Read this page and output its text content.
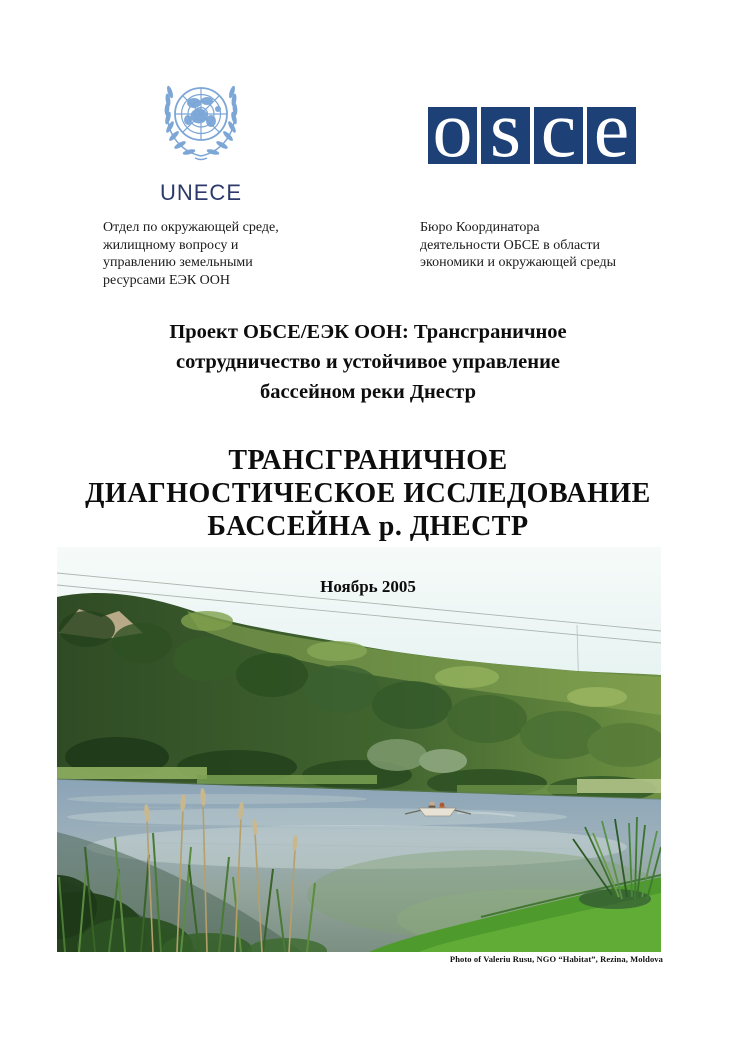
UNECE
o s c e
Отдел по окружающей среде,
жилищному вопросу и
управлению земельными
ресурсами ЕЭК ООН
Бюро Координатора
деятельности ОБСЕ в области
экономики и окружающей среды
Проект ОБСЕ/ЕЭК ООН: Трансграничное
сотрудничество и устойчивое управление
бассейном реки Днестр
ТРАНСГРАНИЧНОЕ
ДИАГНОСТИЧЕСКОЕ ИССЛЕДОВАНИЕ
БАССЕЙНА р. ДНЕСТР
Ноябрь 2005
Photo of Valeriu Rusu, NGO “Habitat”, Rezina, Moldova
